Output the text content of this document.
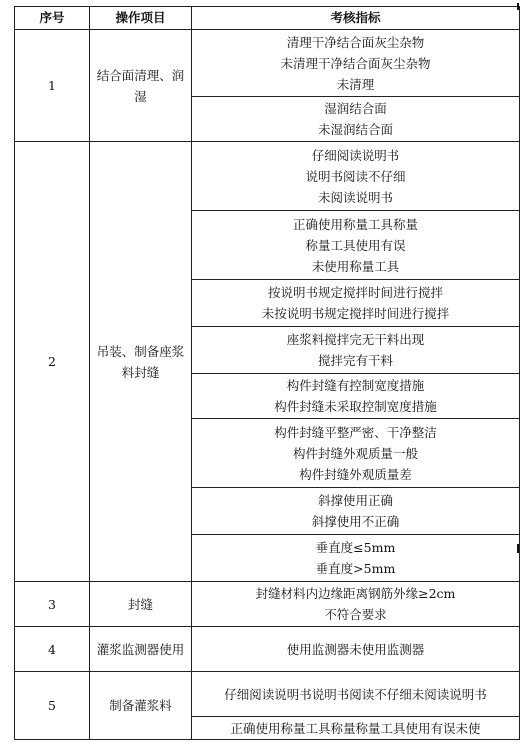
序号	操作项目	考核指标
1	结合面清理、润湿	清理干净结合面灰尘杂物
未清理干净结合面灰尘杂物
未清理

		湿润结合面
未湿润结合面

2	吊装、制备座浆料封缝	仔细阅读说明书
说明书阅读不仔细
未阅读说明书

		正确使用称量工具称量
称量工具使用有误
未使用称量工具

		按说明书规定搅拌时间进行搅拌
未按说明书规定搅拌时间进行搅拌

		座浆料搅拌完无干料出现
搅拌完有干料

		构件封缝有控制宽度措施
构件封缝未采取控制宽度措施

		构件封缝平整严密、干净整洁
构件封缝外观质量一般
构件封缝外观质量差

		斜撑使用正确
斜撑使用不正确

		垂直度≤5mm
垂直度>5mm

3	封缝	封缝材料内边缘距离钢筋外缘≥2cm
不符合要求

4	灌浆监测器使用	使用监测器未使用监测器

5	制备灌浆料	仔细阅读说明书说明书阅读不仔细未阅读说明书

		正确使用称量工具称量称量工具使用有误未使
